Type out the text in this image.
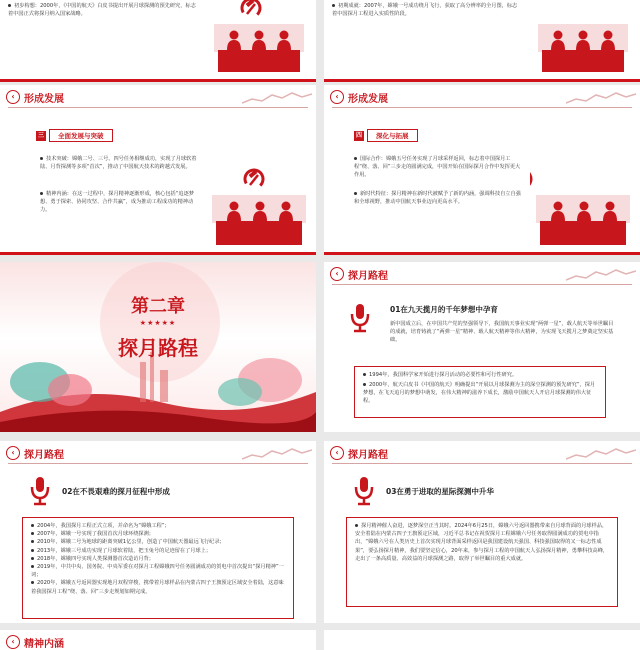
初步构想：2000年，《中国的航天》白皮书提出开展月球探测的预先研究，标志着中国正式将探月纳入国家战略。
初期成就：2007年，嫦娥一号成功绕月飞行，获取了高分辨率的全月图，标志着中国探月工程进入实质性阶段。
‹ 形成发展
三	全面发展与突破
技术突破：嫦娥二号、三号、四号任务相继成功，实现了月球软着陆、月背探测等多项“首次”，推动了中国航天技术的跨越式发展。
精神内涵：在这一过程中，探月精神逐渐形成，核心包括“追逐梦想、勇于探索、协同攻坚、合作共赢”，成为推动工程成功的精神动力。
‹ 形成发展
四	深化与拓展
国际合作：嫦娥五号任务实现了月球采样返回，标志着中国探月工程“绕、落、回”三步走的圆满完成，中国开始在国际探月合作中发挥更大作用。
新时代特征：探月精神在新时代被赋予了新的内涵，强调科技自立自强和全球视野，推动中国航天事业迈向更高水平。
第二章
★★★★★
探月路程
‹ 探月路程
01在九天揽月的千年梦想中孕育
新中国成立后，在中国共产党的坚强领导下，我国航天事业实现“两弹一星”，载人航天等举世瞩目的成就，培育铸就了“两弹一星”精神、载人航天精神等伟大精神，为实现飞天揽月之梦奠定坚实基础。
1994年，我国科学家开始进行探月活动的必要性和可行性研究。
2000年，航天白皮书《中国的航天》明确提出“开展以月球探测为主的深空探测的预先研究”，探月梦想，在飞天追月的梦想中萌发，在伟大精神的滋养下成长，激励中国航天人开启月球探测的伟大征程。
‹ 探月路程
02在不畏艰难的探月征程中形成
2004年，我国探月工程正式立项，并命名为“嫦娥工程”；
2007年，嫦娥一号实现了我国首次月球环绕探测；
2010年，嫦娥二号为地球的距离突破1亿公里，创造了中国航天器最远飞行纪录；
2013年，嫦娥三号成功实现了月球软着陆，把玉兔号的足迹留在了月球上；
2018年，嫦娥四号实现人类探测器首次造访月背；
2019年，中共中央、国务院、中央军委在对探月工程嫦娥四号任务圆满成功的贺电中首次提出“探月精神”一词；
2020年，嫦娥五号返回器实现地月双程穿梭，携带着月球样品在内蒙古四子王旗预定区域安全着陆，这意味着我国探月工程“绕、落、回”三步走规划如期完成。
‹ 探月路程
03在勇于进取的星际探测中升华
探月精神催人奋进，逐梦深空正当其时。2024年6月25日，嫦娥六号返回器携带来自月球背面的月球样品，安全着陆在内蒙古四子王旗预定区域，习近平总书记在祝贺探月工程嫦娥六号任务取得圆满成功的贺电中指出，“嫦娥六号在人类历史上首次实现月球背面采样返回是我国建设航天强国、科技强国取得的又一标志性成果”，要弘扬探月精神，我们要坚定信心，20年来，参与探月工程的中国航天人弘扬探月精神，勇攀科技高峰，走出了一条高质量、高效益的月球探测之路，取得了举世瞩目的重大成就。
‹ 精神内涵
